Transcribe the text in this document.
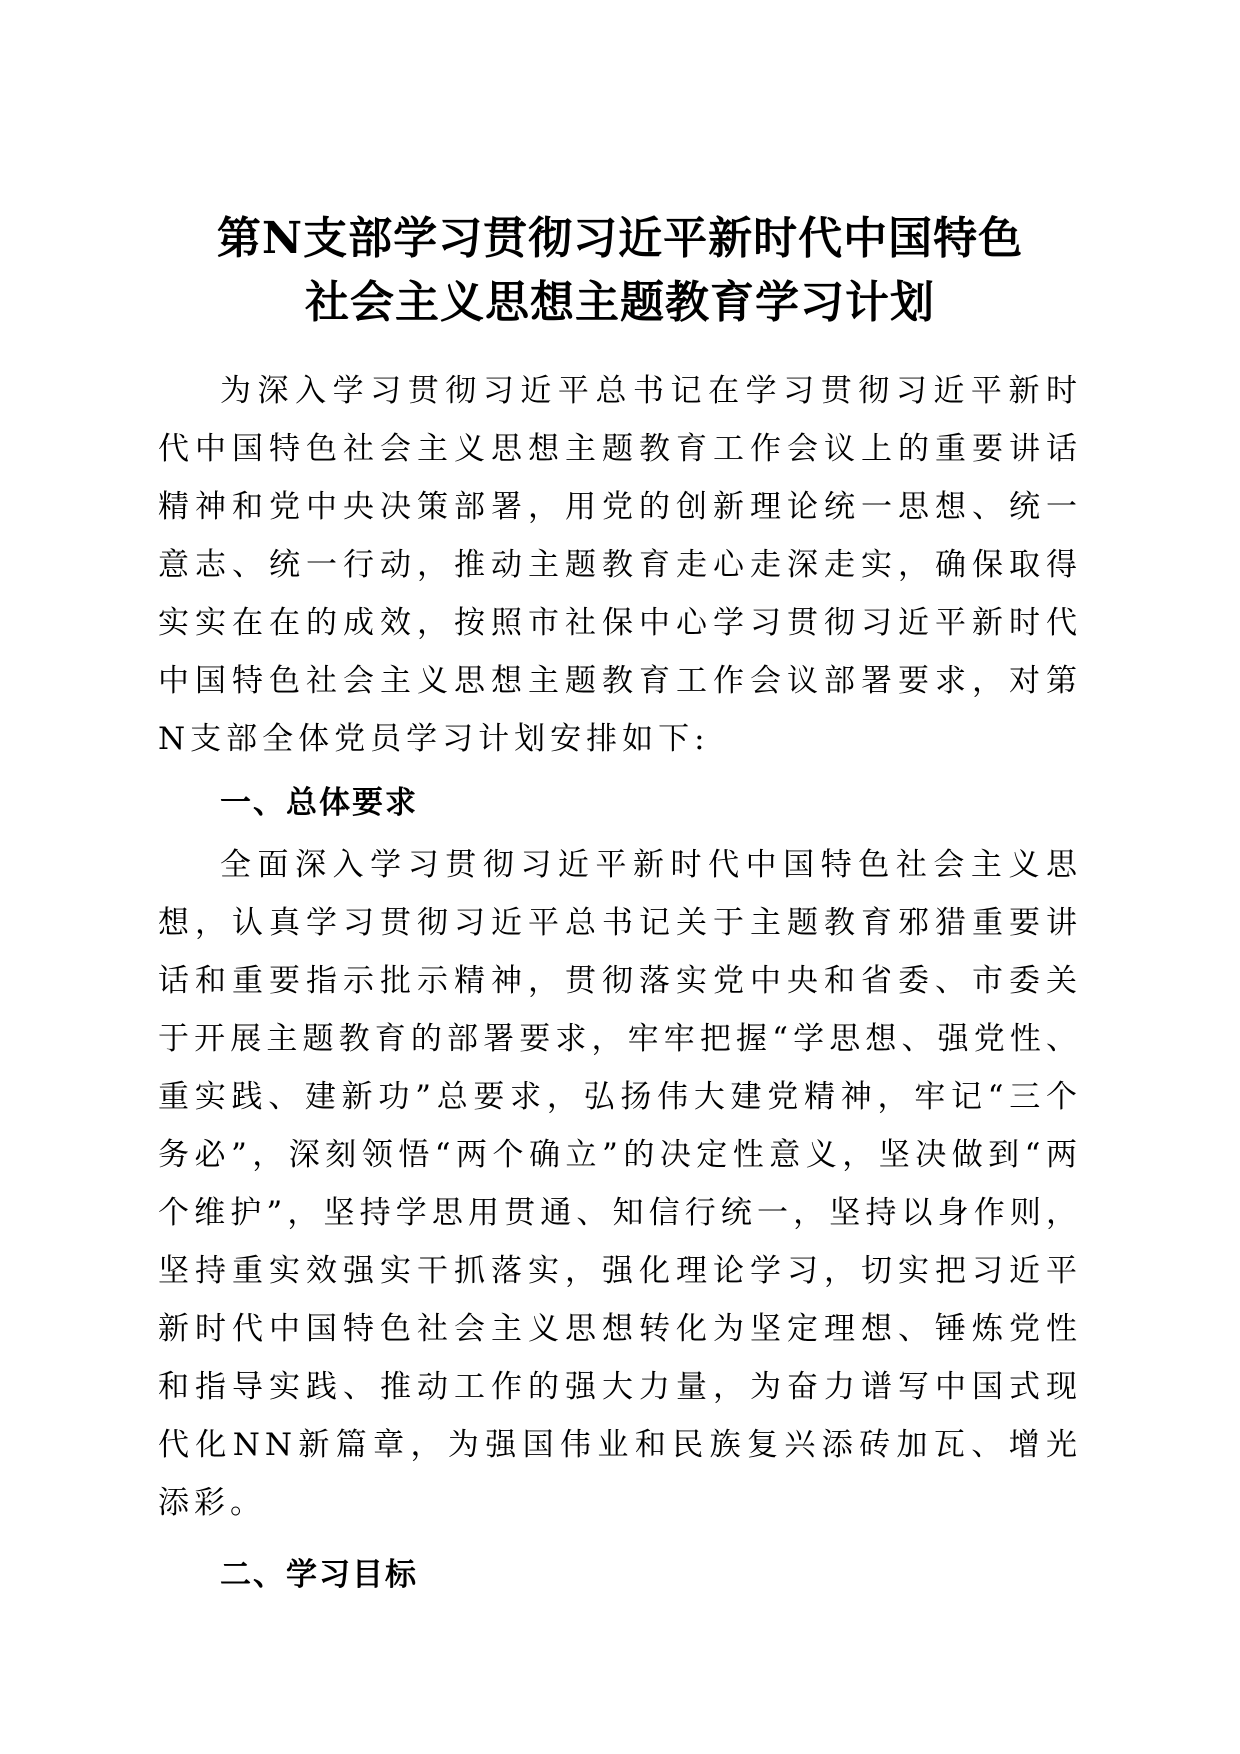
第N支部学习贯彻习近平新时代中国特色
社会主义思想主题教育学习计划

为深入学习贯彻习近平总书记在学习贯彻习近平新时代中国特色社会主义思想主题教育工作会议上的重要讲话精神和党中央决策部署，用党的创新理论统一思想、统一意志、统一行动，推动主题教育走心走深走实，确保取得实实在在的成效，按照市社保中心学习贯彻习近平新时代中国特色社会主义思想主题教育工作会议部署要求，对第N支部全体党员学习计划安排如下:

一、总体要求

全面深入学习贯彻习近平新时代中国特色社会主义思想，认真学习贯彻习近平总书记关于主题教育邪猎重要讲话和重要指示批示精神，贯彻落实党中央和省委、市委关于开展主题教育的部署要求，牢牢把握“学思想、强党性、重实践、建新功”总要求，弘扬伟大建党精神，牢记“三个务必”，深刻领悟“两个确立”的决定性意义，坚决做到“两个维护”，坚持学思用贯通、知信行统一，坚持以身作则，坚持重实效强实干抓落实，强化理论学习，切实把习近平新时代中国特色社会主义思想转化为坚定理想、锤炼党性和指导实践、推动工作的强大力量，为奋力谱写中国式现代化NN新篇章，为强国伟业和民族复兴添砖加瓦、增光添彩。

二、学习目标
